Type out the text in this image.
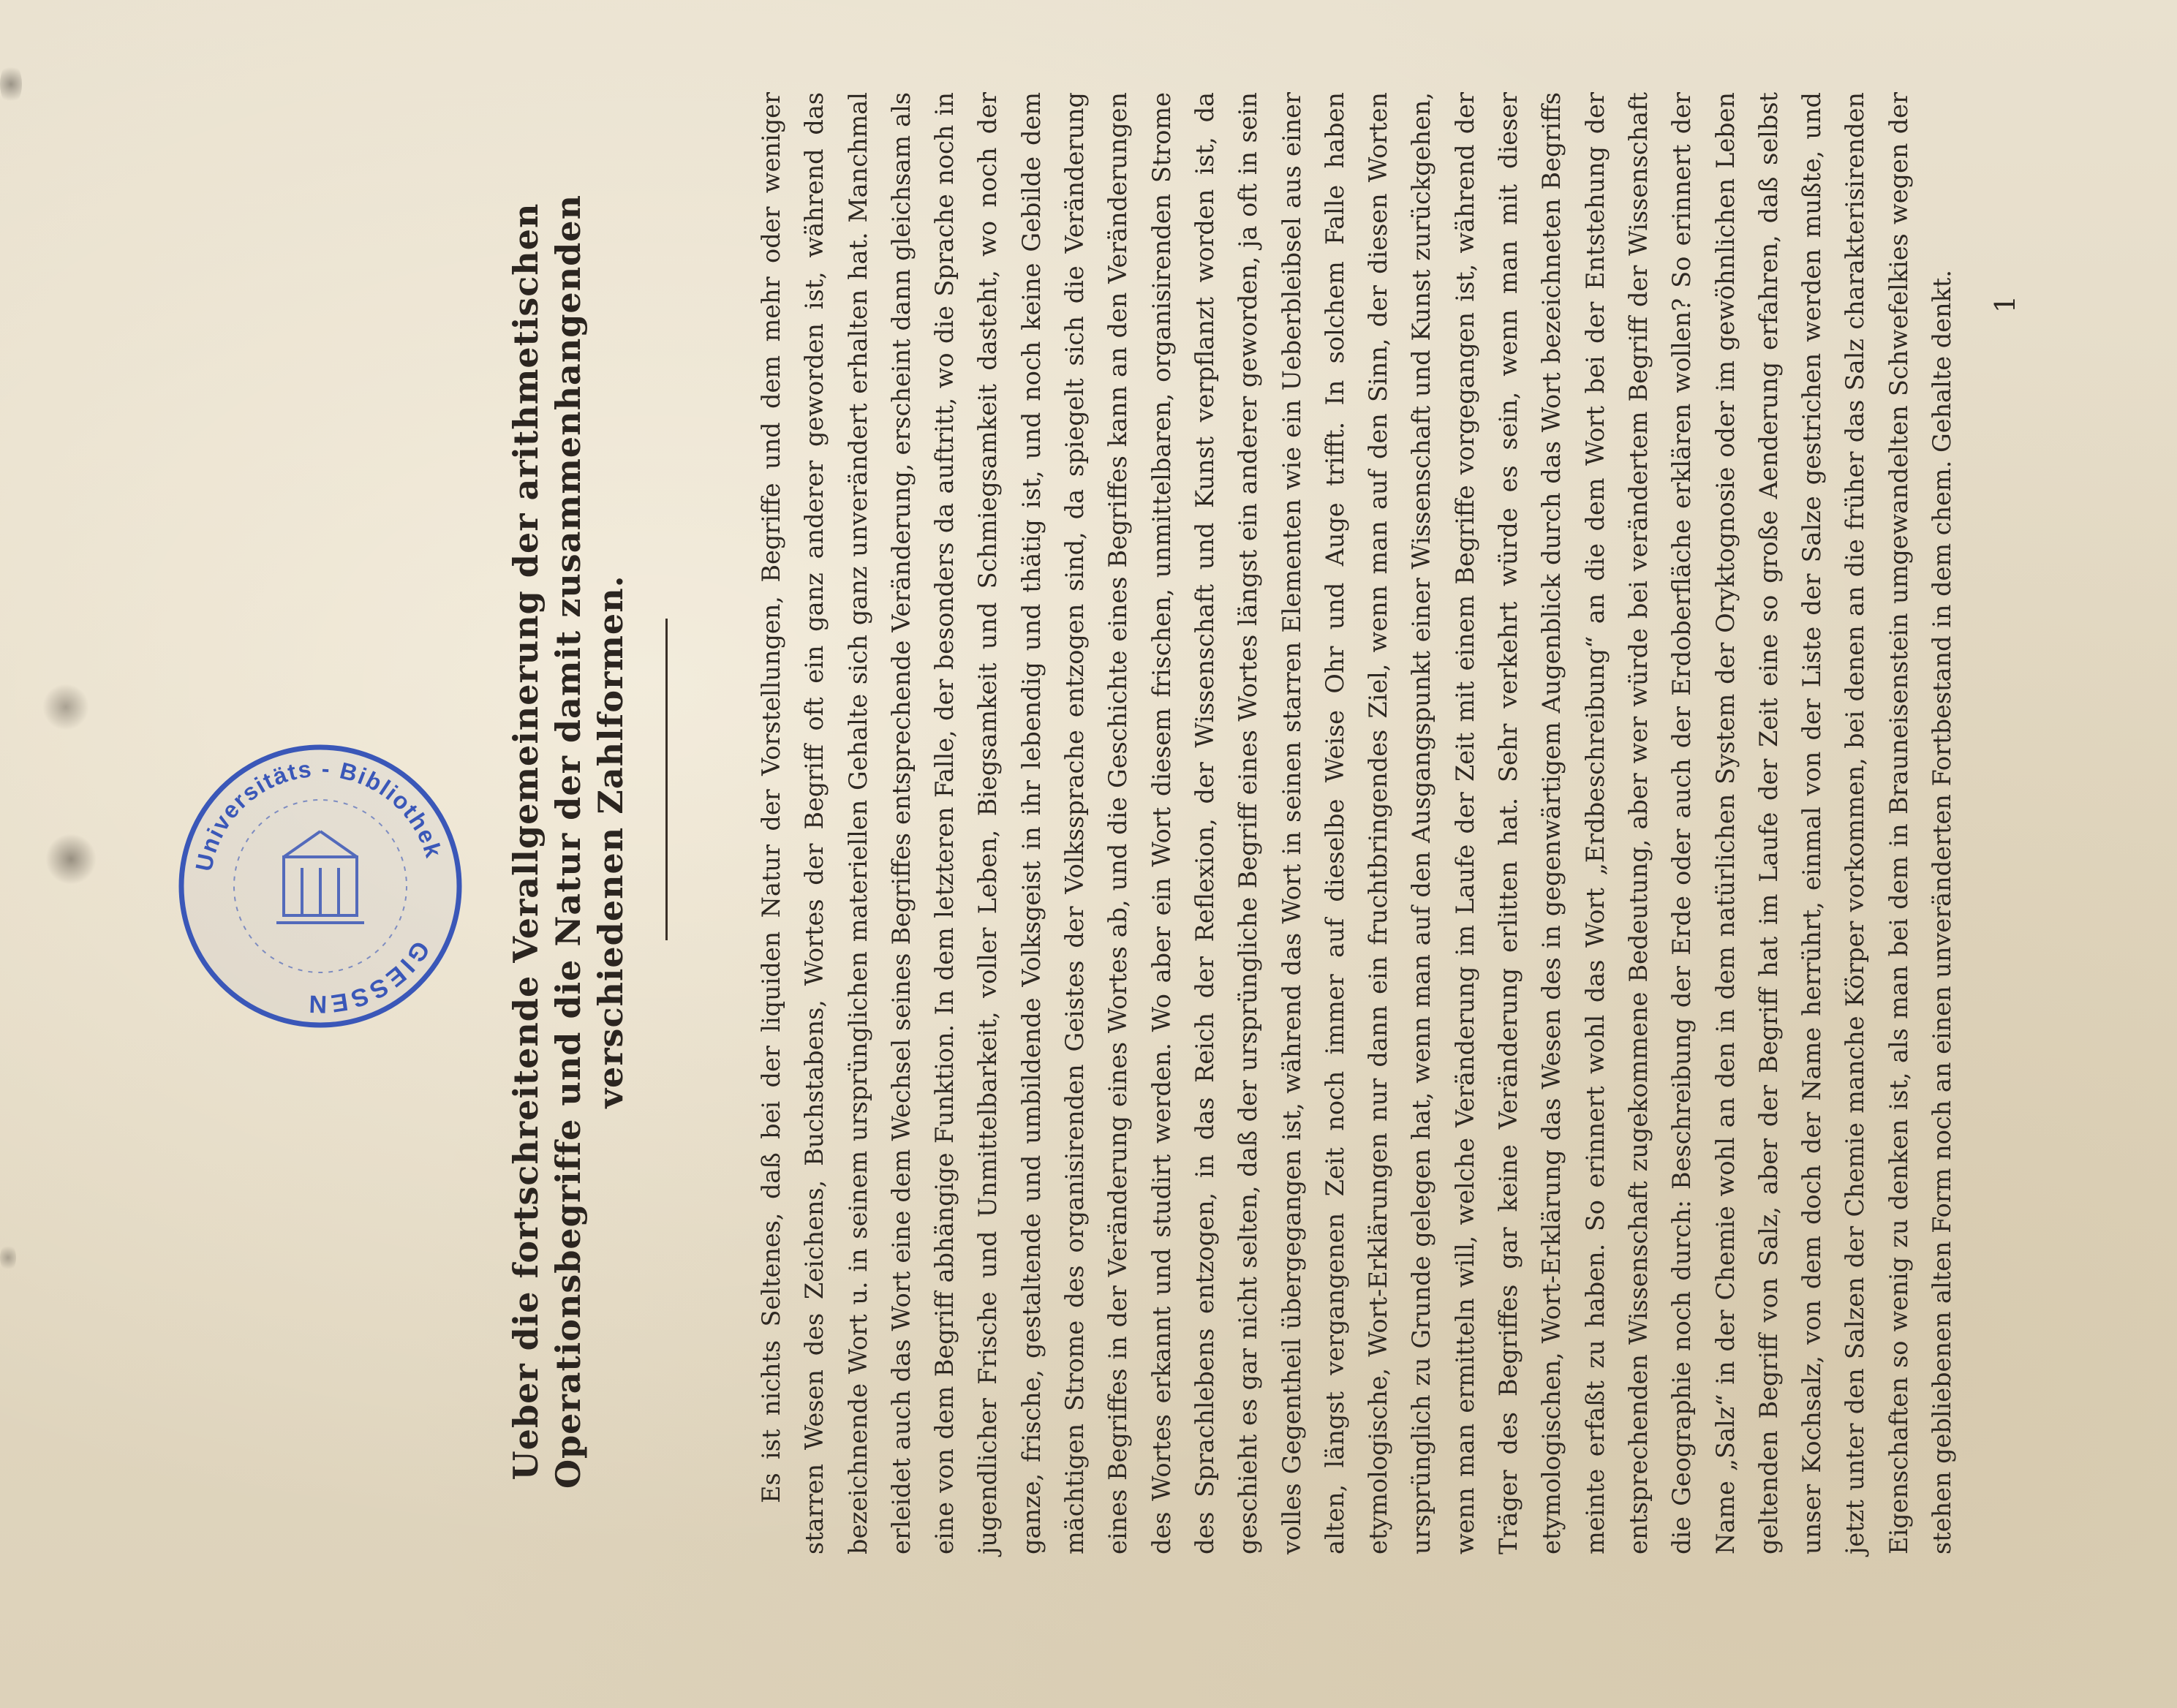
Universitäts - Bibliothek
GIESSEN	Ueber die fortschreitende Verallgemeinerung der arithmetischen Operationsbegriffe und die Natur der damit zusammenhangenden verschiedenen Zahlformen.	Es ist nichts Seltenes, daß bei der liquiden Natur der Vorstellungen, Begriffe und dem mehr oder weniger starren Wesen des Zeichens, Buchstabens, Wortes der Begriff oft ein ganz anderer geworden ist, während das bezeichnende Wort u. in seinem ursprünglichen materiellen Gehalte sich ganz unverändert erhalten hat. Manchmal erleidet auch das Wort eine dem Wechsel seines Begriffes entsprechende Veränderung, erscheint dann gleichsam als eine von dem Begriff abhängige Funktion. In dem letzteren Falle, der besonders da auftritt, wo die Sprache noch in jugendlicher Frische und Unmittelbarkeit, voller Leben, Biegsamkeit und Schmiegsamkeit dasteht, wo noch der ganze, frische, gestaltende und umbildende Volksgeist in ihr lebendig und thätig ist, und noch keine Gebilde dem mächtigen Strome des organisirenden Geistes der Volkssprache entzogen sind, da spiegelt sich die Veränderung eines Begriffes in der Veränderung eines Wortes ab, und die Geschichte eines Begriffes kann an den Veränderungen des Wortes erkannt und studirt werden. Wo aber ein Wort diesem frischen, unmittelbaren, organisirenden Strome des Sprachlebens entzogen, in das Reich der Reflexion, der Wissenschaft und Kunst verpflanzt worden ist, da geschieht es gar nicht selten, daß der ursprüngliche Begriff eines Wortes längst ein anderer geworden, ja oft in sein volles Gegentheil übergegangen ist, während das Wort in seinen starren Elementen wie ein Ueberbleibsel aus einer alten, längst vergangenen Zeit noch immer auf dieselbe Weise Ohr und Auge trifft. In solchem Falle haben etymologische, Wort-Erklärungen nur dann ein fruchtbringendes Ziel, wenn man auf den Sinn, der diesen Worten ursprünglich zu Grunde gelegen hat, wenn man auf den Ausgangspunkt einer Wissenschaft und Kunst zurückgehen, wenn man ermitteln will, welche Veränderung im Laufe der Zeit mit einem Begriffe vorgegangen ist, während der Träger des Begriffes gar keine Veränderung erlitten hat. Sehr verkehrt würde es sein, wenn man mit dieser etymologischen, Wort-Erklärung das Wesen des in gegenwärtigem Augenblick durch das Wort bezeichneten Begriffs meinte erfaßt zu haben. So erinnert wohl das Wort „Erdbeschreibung“ an die dem Wort bei der Entstehung der entsprechenden Wissenschaft zugekommene Bedeutung, aber wer würde bei verändertem Begriff der Wissenschaft die Geographie noch durch: Beschreibung der Erde oder auch der Erdoberfläche erklären wollen? So erinnert der Name „Salz“ in der Chemie wohl an den in dem natürlichen System der Oryktognosie oder im gewöhnlichen Leben geltenden Begriff von Salz, aber der Begriff hat im Laufe der Zeit eine so große Aenderung erfahren, daß selbst unser Kochsalz, von dem doch der Name herrührt, einmal von der Liste der Salze gestrichen werden mußte, und jetzt unter den Salzen der Chemie manche Körper vorkommen, bei denen an die früher das Salz charakterisirenden Eigenschaften so wenig zu denken ist, als man bei dem in Brauneisenstein umgewandelten Schwefelkies wegen der stehen gebliebenen alten Form noch an einen unveränderten Fortbestand in dem chem. Gehalte denkt. 1
